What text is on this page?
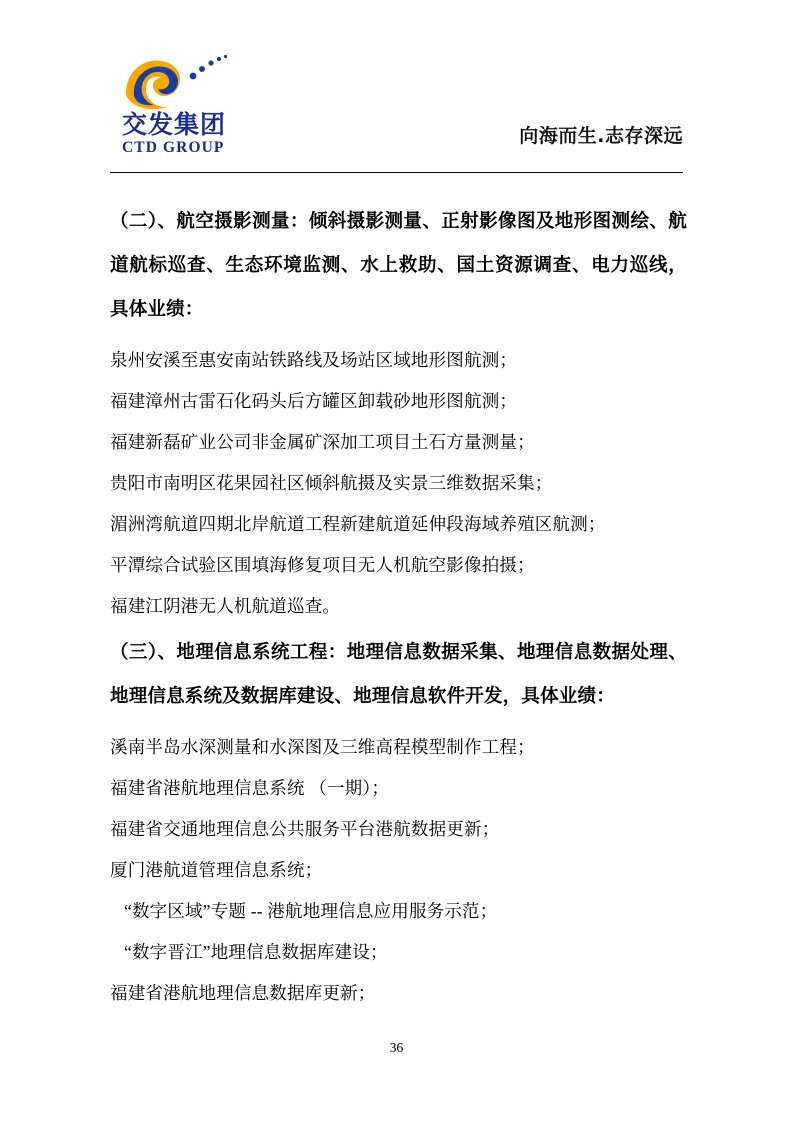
交发集团
CTD GROUP
向海而生.志存深远
（二）、航空摄影测量：倾斜摄影测量、正射影像图及地形图测绘、航道航标巡查、生态环境监测、水上救助、国土资源调查、电力巡线，具体业绩：
泉州安溪至惠安南站铁路线及场站区域地形图航测；
福建漳州古雷石化码头后方罐区卸载砂地形图航测；
福建新磊矿业公司非金属矿深加工项目土石方量测量；
贵阳市南明区花果园社区倾斜航摄及实景三维数据采集；
湄洲湾航道四期北岸航道工程新建航道延伸段海域养殖区航测；
平潭综合试验区围填海修复项目无人机航空影像拍摄；
福建江阴港无人机航道巡查。
（三）、地理信息系统工程：地理信息数据采集、地理信息数据处理、地理信息系统及数据库建设、地理信息软件开发，具体业绩：
溪南半岛水深测量和水深图及三维高程模型制作工程；
福建省港航地理信息系统 （一期）；
福建省交通地理信息公共服务平台港航数据更新；
厦门港航道管理信息系统；
“数字区域”专题 -- 港航地理信息应用服务示范；
“数字晋江”地理信息数据库建设；
福建省港航地理信息数据库更新；
36
